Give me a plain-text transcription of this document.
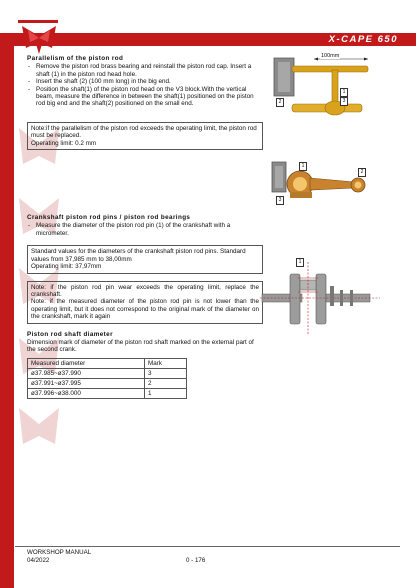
X-CAPE 650
Parallelism of the piston rod
- Remove the piston rod brass bearing and reinstall the piston rod cap. Insert a shaft (1) in the piston rod head hole.
- Insert the shaft (2) (100 mm long) in the big end.
- Position the shaft(1) of the piston rod head on the V3 block.With the vertical beam, measure the difference in between the shaft(1) positioned on the piston rod big end and the shaft(2) positioned on the small end.
Note:if the parallelism of the piston rod exceeds the operating limit, the piston rod must be replaced.
Operating limit: 0.2 mm
Crankshaft piston rod pins / piston rod bearings
- Measure the diameter of the piston rod pin (1) of the crankshaft with a micrometer.
Standard values for the diameters of the crankshaft piston rod pins. Standard values from 37,985 mm to 38,00mm
Operating limit: 37,97mm
Note: if the piston rod pin wear exceeds the operating limit, replace the crankshaft.
Note: if the measured diameter of the piston rod pin is not lower than the operating limit, but it does not correspond to the original mark of the diameter on the crankshaft, mark it again
Piston rod shaft diameter
Dimension mark of diameter of the piston rod shaft marked on the external part of the second crank.
Measured diameter	Mark
ø37.985~ø37.990	3
ø37.991~ø37.995	2
ø37.996~ø38.000	1
100mm
2
1
3
1
2
3
1
WORKSHOP MANUAL
04/2022	0 - 176
